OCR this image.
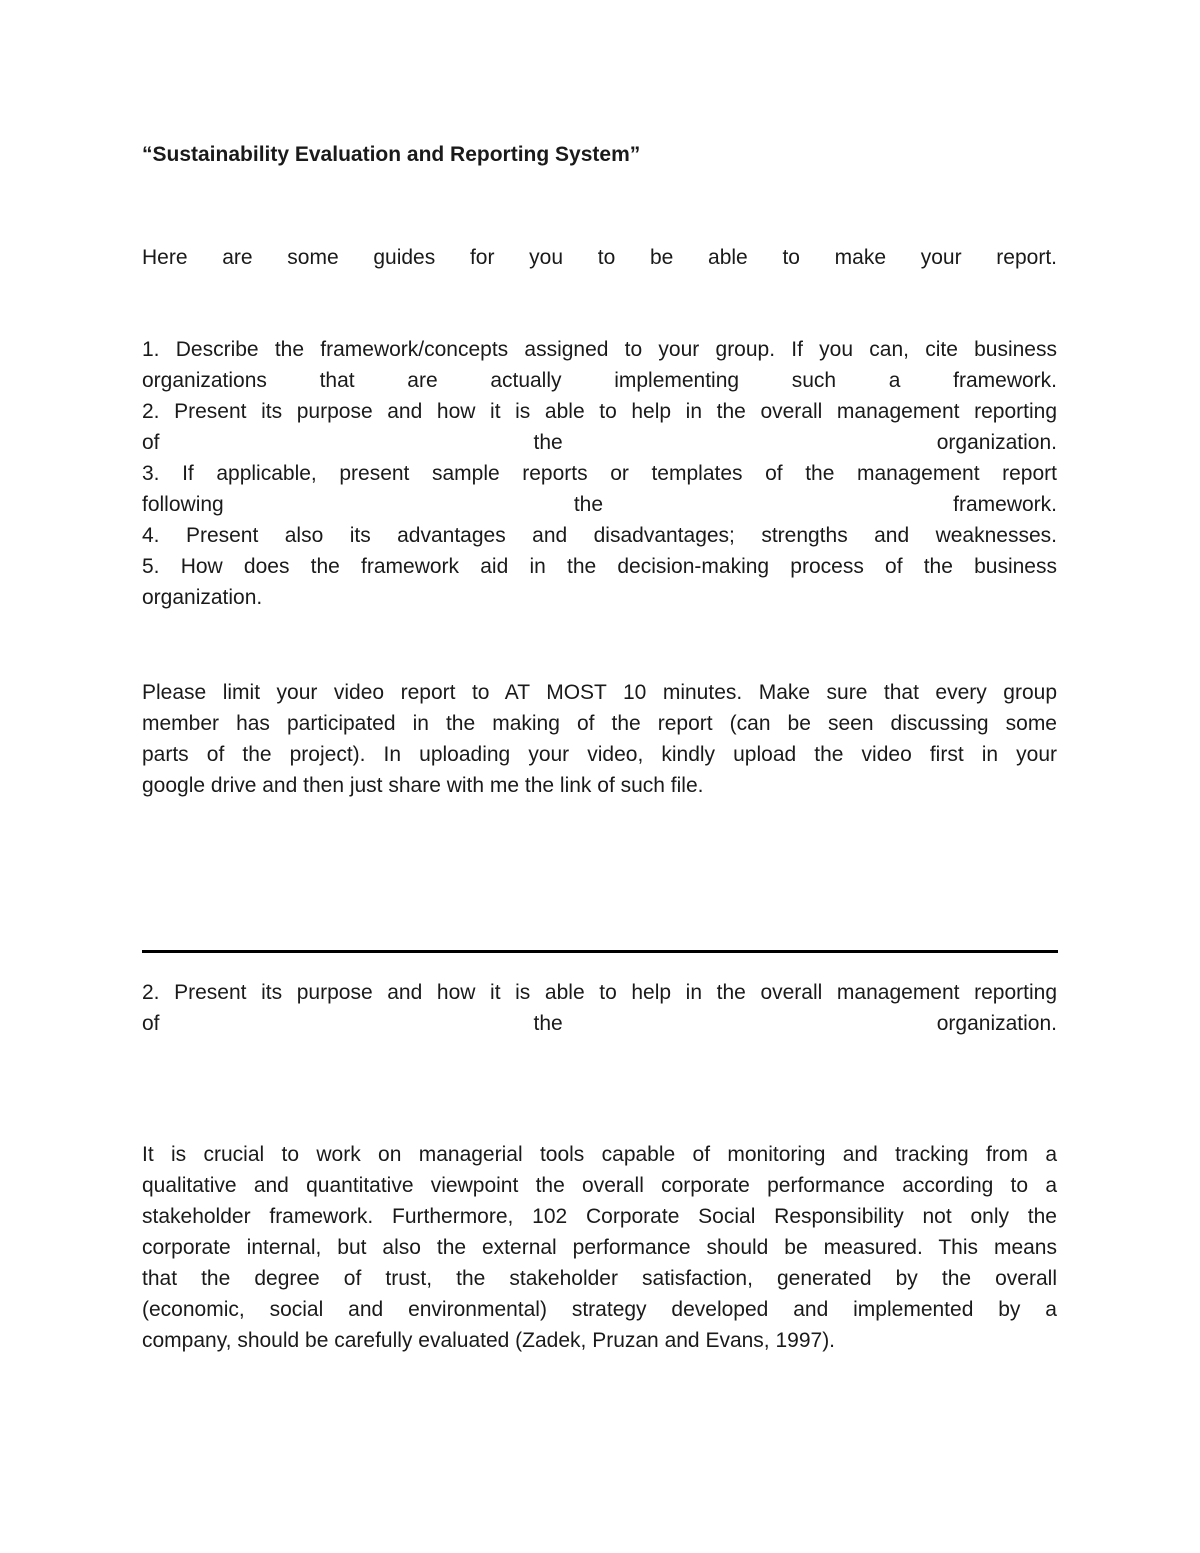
“Sustainability Evaluation and Reporting System”
Here are some guides for you to be able to make your report.
1. Describe the framework/concepts assigned to your group. If you can, cite business
organizations that are actually implementing such a framework.
2. Present its purpose and how it is able to help in the overall management reporting
of the organization.
3. If applicable, present sample reports or templates of the management report
following the framework.
4. Present also its advantages and disadvantages; strengths and weaknesses.
5. How does the framework aid in the decision-making process of the business
organization.
Please limit your video report to AT MOST 10 minutes. Make sure that every group
member has participated in the making of the report (can be seen discussing some
parts of the project). In uploading your video, kindly upload the video first in your
google drive and then just share with me the link of such file.
2. Present its purpose and how it is able to help in the overall management reporting
of the organization.
It is crucial to work on managerial tools capable of monitoring and tracking from a
qualitative and quantitative viewpoint the overall corporate performance according to a
stakeholder framework. Furthermore, 102 Corporate Social Responsibility not only the
corporate internal, but also the external performance should be measured. This means
that the degree of trust, the stakeholder satisfaction, generated by the overall
(economic, social and environmental) strategy developed and implemented by a
company, should be carefully evaluated (Zadek, Pruzan and Evans, 1997).
